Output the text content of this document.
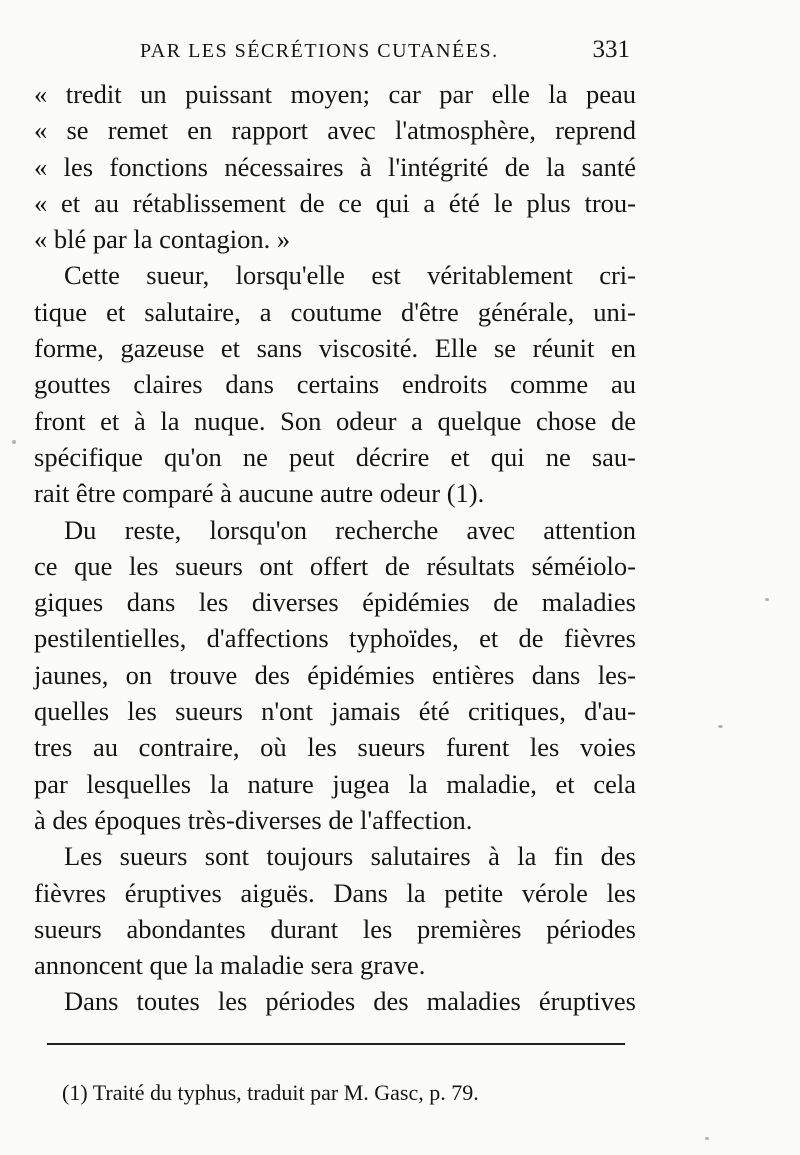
PAR LES SÉCRÉTIONS CUTANÉES.	331
« tredit un puissant moyen; car par elle la peau
« se remet en rapport avec l'atmosphère, reprend
« les fonctions nécessaires à l'intégrité de la santé
« et au rétablissement de ce qui a été le plus trou-
« blé par la contagion. »
Cette sueur, lorsqu'elle est véritablement cri-
tique et salutaire, a coutume d'être générale, uni-
forme, gazeuse et sans viscosité. Elle se réunit en
gouttes claires dans certains endroits comme au
front et à la nuque. Son odeur a quelque chose de
spécifique qu'on ne peut décrire et qui ne sau-
rait être comparé à aucune autre odeur (1).
Du reste, lorsqu'on recherche avec attention
ce que les sueurs ont offert de résultats séméiolo-
giques dans les diverses épidémies de maladies
pestilentielles, d'affections typhoïdes, et de fièvres
jaunes, on trouve des épidémies entières dans les-
quelles les sueurs n'ont jamais été critiques, d'au-
tres au contraire, où les sueurs furent les voies
par lesquelles la nature jugea la maladie, et cela
à des époques très-diverses de l'affection.
Les sueurs sont toujours salutaires à la fin des
fièvres éruptives aiguës. Dans la petite vérole les
sueurs abondantes durant les premières périodes
annoncent que la maladie sera grave.
Dans toutes les périodes des maladies éruptives
(1) Traité du typhus, traduit par M. Gasc, p. 79.
